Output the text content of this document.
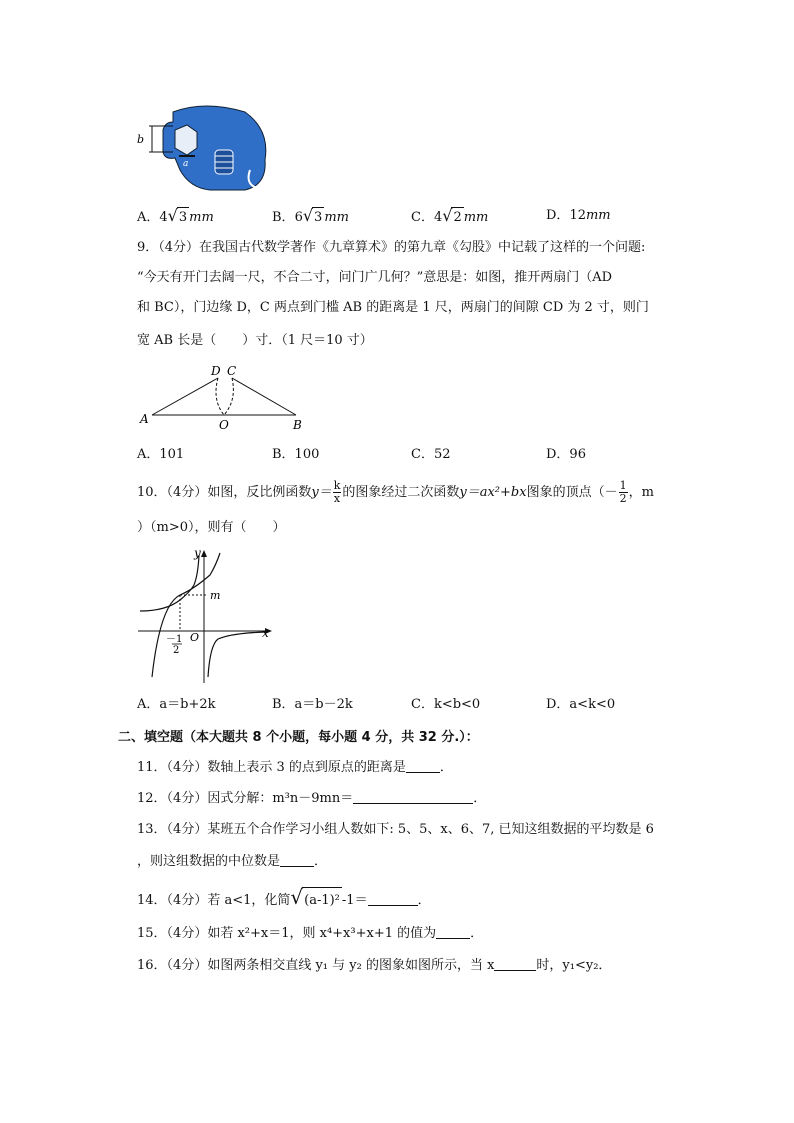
b
a
A．4√3 mm	B．6√3 mm	C．4√2 mm	D．12mm
9．（4分）在我国古代数学著作《九章算术》的第九章《勾股》中记载了这样的一个问题:
“今天有开门去阔一尺，不合二寸，问门广几何？”意思是：如图，推开两扇门（AD
和 BC），门边缘 D，C 两点到门槛 AB 的距离是 1 尺，两扇门的间隙 CD 为 2 寸，则门
宽 AB 长是（　　）寸．（1 尺＝10 寸）
A	B
D C
O
A．101	B．100	C．52	D．96
10．（4分）如图，反比例函数$y= \frac{k}{x}$ 的图象经过二次函数y＝ax²+bx图象的顶点（－ $\frac{1}{2}$ ，m
）（m>0），则有（　　）
y
x
m
O
－1
2
A．a＝b+2k	B．a＝b－2k	C．k<b<0	D．a<k<0
二、填空题（本大题共 8 个小题，每小题 4 分，共 32 分.）：
11．（4分）数轴上表示 3 的点到原点的距离是	．
12．（4分）因式分解：m³n－9mn＝	．
13．（4分）某班五个合作学习小组人数如下: 5、5、x、6、7, 已知这组数据的平均数是 6
，则这组数据的中位数是	．
14．（4分）若 a<1，化简√(a-1)² -1＝	．
15．（4分）如若 x²+x＝1，则 x⁴+x³+x+1 的值为	．
16．（4分）如图两条相交直线 y₁ 与 y₂ 的图象如图所示，当 x	时，y₁<y₂．
